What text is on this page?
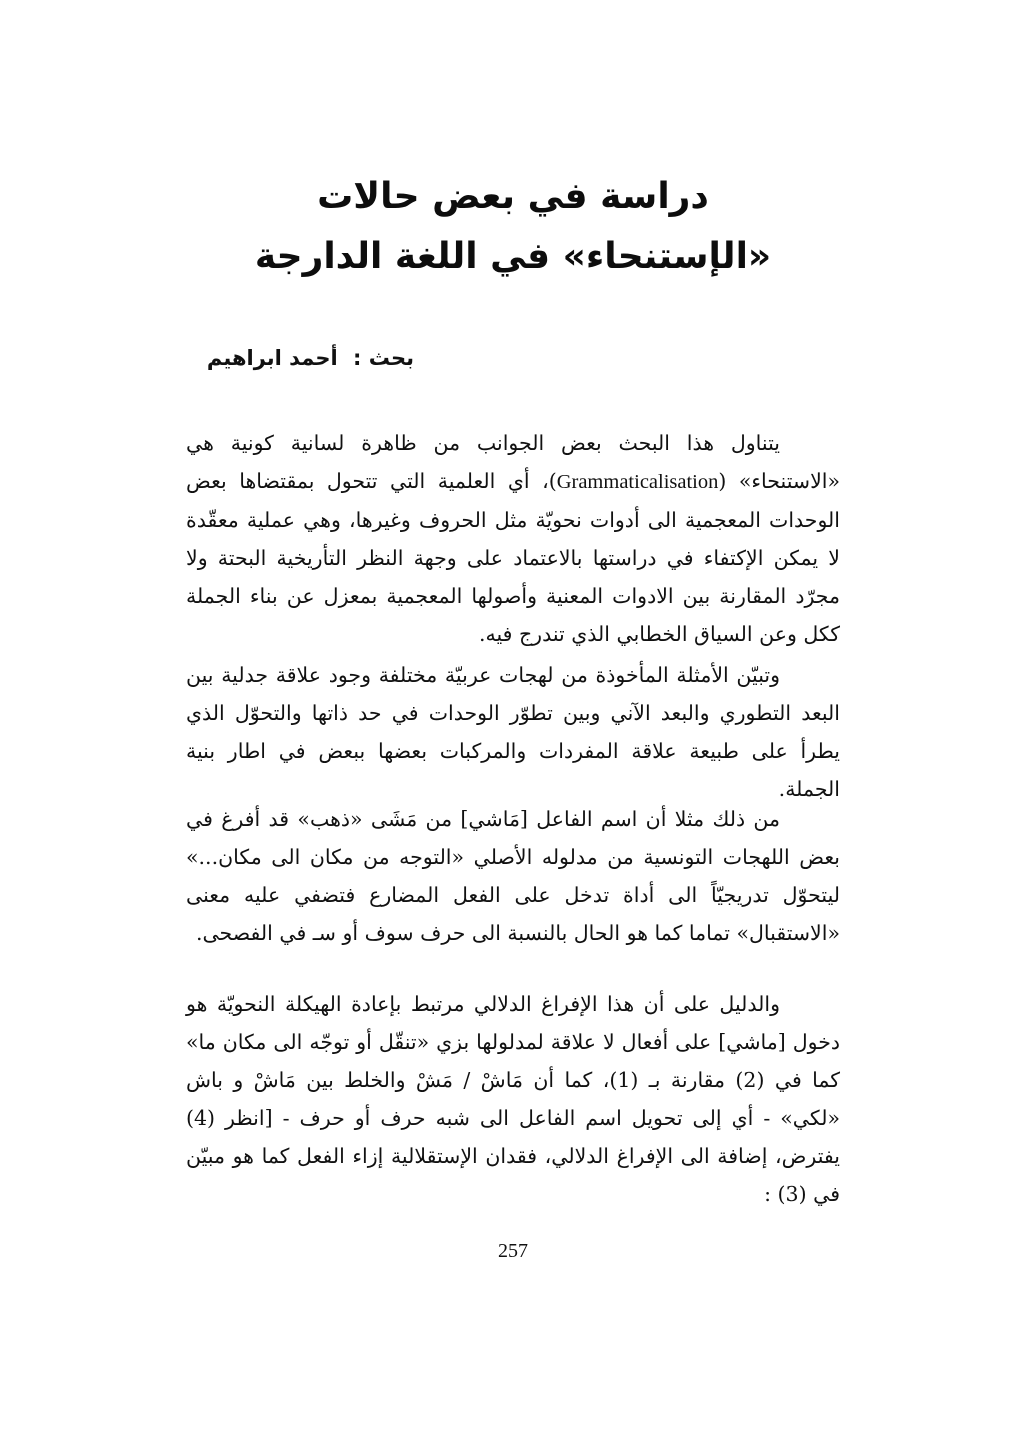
دراسة في بعض حالات
«الإستنحاء» في اللغة الدارجة
بحث : أحمد ابراهيم

يتناول هذا البحث بعض الجوانب من ظاهرة لسانية كونية هي «الاستنحاء» (Grammaticalisation)، أي العلمية التي تتحول بمقتضاها بعض الوحدات المعجمية الى أدوات نحويّة مثل الحروف وغيرها، وهي عملية معقّدة لا يمكن الإكتفاء في دراستها بالاعتماد على وجهة النظر التأريخية البحتة ولا مجرّد المقارنة بين الادوات المعنية وأصولها المعجمية بمعزل عن بناء الجملة ككل وعن السياق الخطابي الذي تندرج فيه.

وتبيّن الأمثلة المأخوذة من لهجات عربيّة مختلفة وجود علاقة جدلية بين البعد التطوري والبعد الآني وبين تطوّر الوحدات في حد ذاتها والتحوّل الذي يطرأ على طبيعة علاقة المفردات والمركبات بعضها ببعض في اطار بنية الجملة.

من ذلك مثلا أن اسم الفاعل [مَاشي] من مَشَى «ذهب» قد أفرغ في بعض اللهجات التونسية من مدلوله الأصلي «التوجه من مكان الى مكان...» ليتحوّل تدريجيّاً الى أداة تدخل على الفعل المضارع فتضفي عليه معنى «الاستقبال» تماما كما هو الحال بالنسبة الى حرف سوف أو سـ في الفصحى.

والدليل على أن هذا الإفراغ الدلالي مرتبط بإعادة الهيكلة النحويّة هو دخول [ماشي] على أفعال لا علاقة لمدلولها بزي «تنقّل أو توجّه الى مكان ما» كما في (2) مقارنة بـ (1)، كما أن مَاشْ / مَشْ والخلط بين مَاشْ و باش «لكي» - أي إلى تحويل اسم الفاعل الى شبه حرف أو حرف - [انظر (4) يفترض، إضافة الى الإفراغ الدلالي، فقدان الإستقلالية إزاء الفعل كما هو مبيّن في (3) :

257
